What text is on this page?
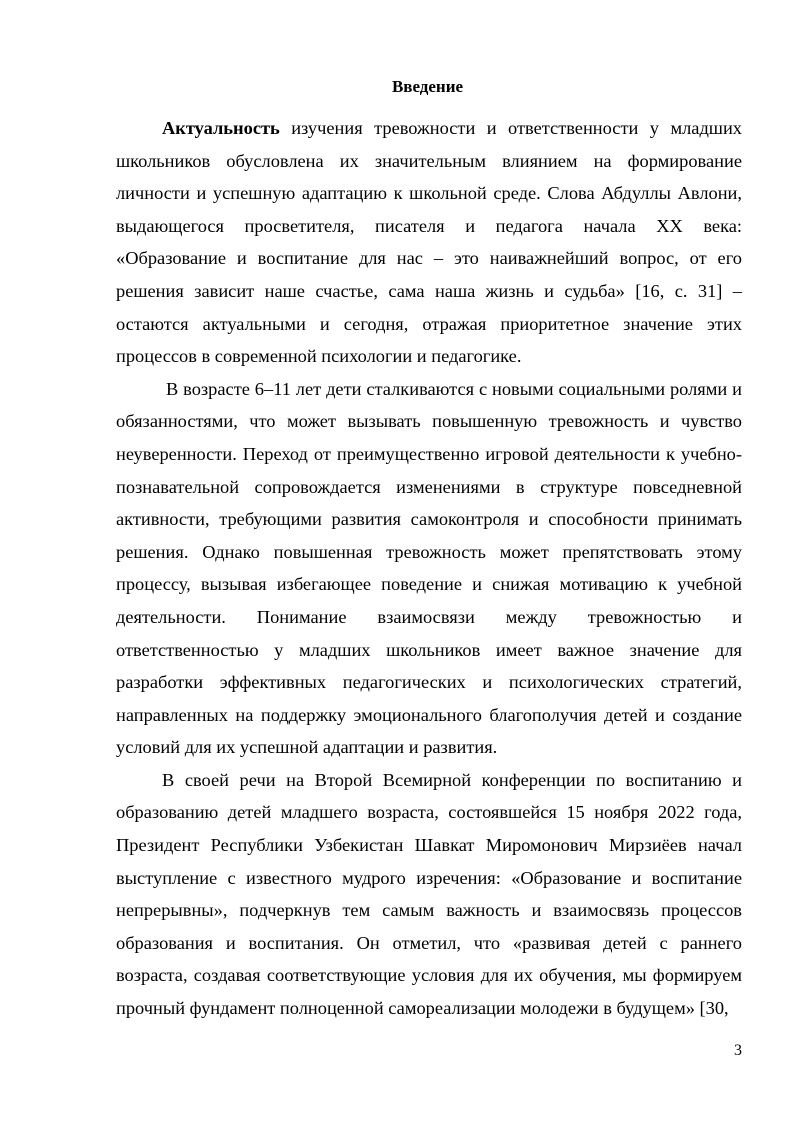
Введение

Актуальность изучения тревожности и ответственности у младших школьников обусловлена их значительным влиянием на формирование личности и успешную адаптацию к школьной среде. Слова Абдуллы Авлони, выдающегося просветителя, писателя и педагога начала XX века: «Образование и воспитание для нас – это наиважнейший вопрос, от его решения зависит наше счастье, сама наша жизнь и судьба» [16, с. 31] – остаются актуальными и сегодня, отражая приоритетное значение этих процессов в современной психологии и педагогике.

В возрасте 6–11 лет дети сталкиваются с новыми социальными ролями и обязанностями, что может вызывать повышенную тревожность и чувство неуверенности. Переход от преимущественно игровой деятельности к учебно-познавательной сопровождается изменениями в структуре повседневной активности, требующими развития самоконтроля и способности принимать решения. Однако повышенная тревожность может препятствовать этому процессу, вызывая избегающее поведение и снижая мотивацию к учебной деятельности. Понимание взаимосвязи между тревожностью и ответственностью у младших школьников имеет важное значение для разработки эффективных педагогических и психологических стратегий, направленных на поддержку эмоционального благополучия детей и создание условий для их успешной адаптации и развития.

В своей речи на Второй Всемирной конференции по воспитанию и образованию детей младшего возраста, состоявшейся 15 ноября 2022 года, Президент Республики Узбекистан Шавкат Миромонович Мирзиёев начал выступление с известного мудрого изречения: «Образование и воспитание непрерывны», подчеркнув тем самым важность и взаимосвязь процессов образования и воспитания. Он отметил, что «развивая детей с раннего возраста, создавая соответствующие условия для их обучения, мы формируем прочный фундамент полноценной самореализации молодежи в будущем» [30,

3
